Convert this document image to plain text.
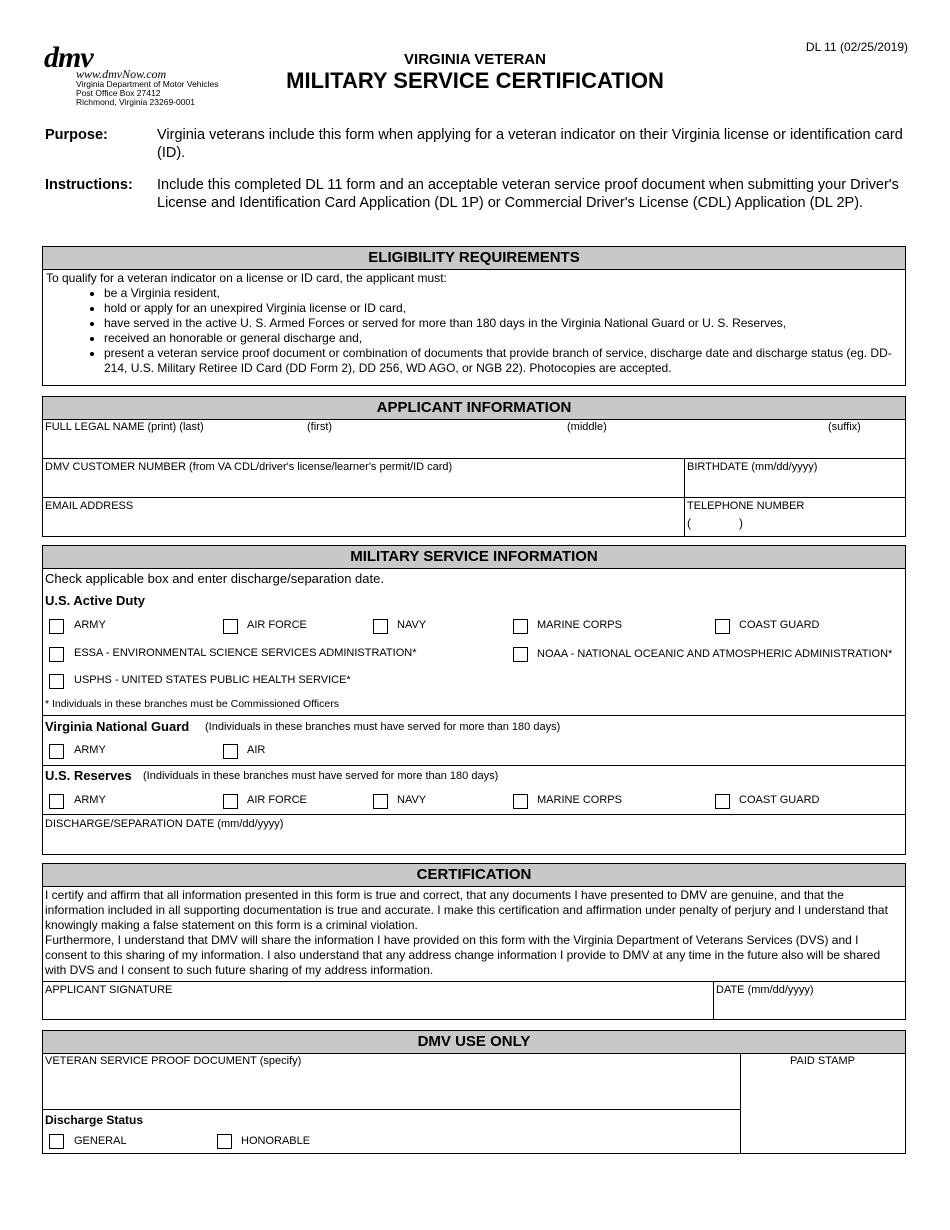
dmv
www.dmvNow.com
Virginia Department of Motor Vehicles
Post Office Box 27412
Richmond, Virginia 23269-0001
DL 11 (02/25/2019)
VIRGINIA VETERAN
MILITARY SERVICE CERTIFICATION
Purpose:	Virginia veterans include this form when applying for a veteran indicator on their Virginia license or identification card (ID).
Instructions: Include this completed DL 11 form and an acceptable veteran service proof document when submitting your Driver's License and Identification Card Application (DL 1P) or Commercial Driver's License (CDL) Application (DL 2P).
ELIGIBILITY REQUIREMENTS
To qualify for a veteran indicator on a license or ID card, the applicant must:
• be a Virginia resident,
• hold or apply for an unexpired Virginia license or ID card,
• have served in the active U. S. Armed Forces or served for more than 180 days in the Virginia National Guard or U. S. Reserves,
• received an honorable or general discharge and,
• present a veteran service proof document or combination of documents that provide branch of service, discharge date and discharge status (eg. DD-214, U.S. Military Retiree ID Card (DD Form 2), DD 256, WD AGO, or NGB 22). Photocopies are accepted.
APPLICANT INFORMATION
FULL LEGAL NAME (print) (last)	(first)	(middle)	(suffix)
DMV CUSTOMER NUMBER (from VA CDL/driver's license/learner's permit/ID card)	BIRTHDATE (mm/dd/yyyy)
EMAIL ADDRESS	TELEPHONE NUMBER
(	)
MILITARY SERVICE INFORMATION
Check applicable box and enter discharge/separation date.
U.S. Active Duty
ARMY	AIR FORCE	NAVY	MARINE CORPS	COAST GUARD
ESSA - ENVIRONMENTAL SCIENCE SERVICES ADMINISTRATION*	NOAA - NATIONAL OCEANIC AND ATMOSPHERIC ADMINISTRATION*
USPHS - UNITED STATES PUBLIC HEALTH SERVICE*
* Individuals in these branches must be Commissioned Officers
Virginia National Guard (Individuals in these branches must have served for more than 180 days)
ARMY	AIR
U.S. Reserves (Individuals in these branches must have served for more than 180 days)
ARMY	AIR FORCE	NAVY	MARINE CORPS	COAST GUARD
DISCHARGE/SEPARATION DATE (mm/dd/yyyy)
CERTIFICATION
I certify and affirm that all information presented in this form is true and correct, that any documents I have presented to DMV are genuine, and that the information included in all supporting documentation is true and accurate. I make this certification and affirmation under penalty of perjury and I understand that knowingly making a false statement on this form is a criminal violation.
Furthermore, I understand that DMV will share the information I have provided on this form with the Virginia Department of Veterans Services (DVS) and I consent to this sharing of my information. I also understand that any address change information I provide to DMV at any time in the future also will be shared with DVS and I consent to such future sharing of my address information.
APPLICANT SIGNATURE	DATE (mm/dd/yyyy)
DMV USE ONLY
VETERAN SERVICE PROOF DOCUMENT (specify)	PAID STAMP
Discharge Status
GENERAL	HONORABLE
